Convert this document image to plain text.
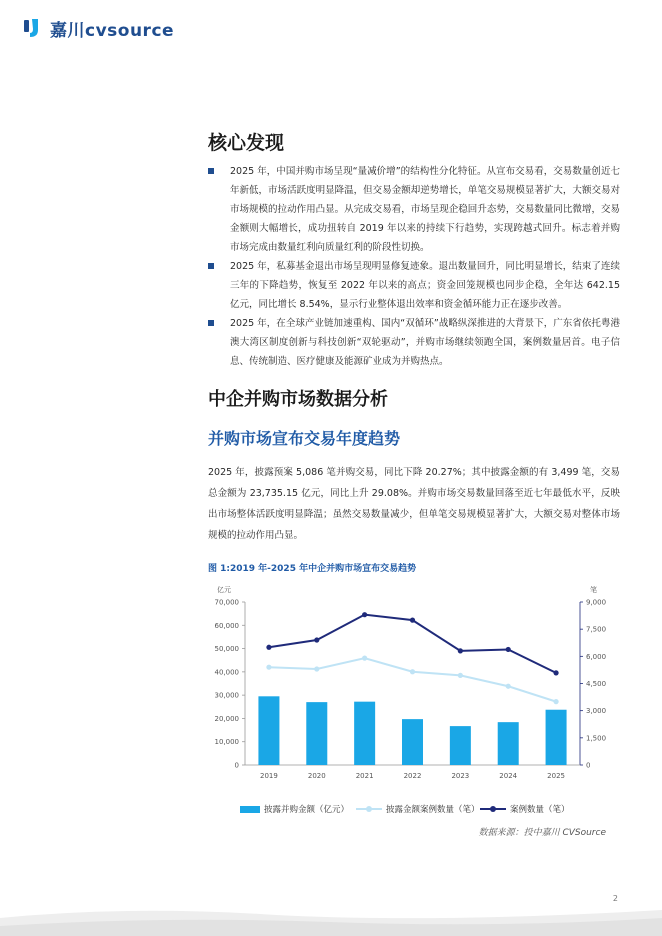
嘉川cvsource
核心发现
2025 年，中国并购市场呈现“量减价增”的结构性分化特征。从宣布交易看，交易数量创近七年新低，市场活跃度明显降温，但交易金额却逆势增长，单笔交易规模显著扩大，大额交易对市场规模的拉动作用凸显。从完成交易看，市场呈现企稳回升态势，交易数量同比微增，交易金额则大幅增长，成功扭转自 2019 年以来的持续下行趋势，实现跨越式回升。标志着并购市场完成由数量红利向质量红利的阶段性切换。
2025 年，私募基金退出市场呈现明显修复迹象。退出数量回升，同比明显增长，结束了连续三年的下降趋势，恢复至 2022 年以来的高点；资金回笼规模也同步企稳，全年达 642.15 亿元，同比增长 8.54%，显示行业整体退出效率和资金循环能力正在逐步改善。
2025 年，在全球产业链加速重构、国内“双循环”战略纵深推进的大背景下，广东省依托粤港澳大湾区制度创新与科技创新“双轮驱动”，并购市场继续领跑全国，案例数量居首。电子信息、传统制造、医疗健康及能源矿业成为并购热点。
中企并购市场数据分析
并购市场宣布交易年度趋势

2025 年，披露预案 5,086 笔并购交易，同比下降 20.27%；其中披露金额的有 3,499 笔，交易总金额为 23,735.15 亿元，同比上升 29.08%。并购市场交易数量回落至近七年最低水平，反映出市场整体活跃度明显降温；虽然交易数量减少，但单笔交易规模显著扩大，大额交易对整体市场规模的拉动作用凸显。

图 1:2019 年-2025 年中企并购市场宣布交易趋势
亿元	笔
0
10,000
20,000
30,000
40,000
50,000
60,000
70,000
0
1,500
3,000
4,500
6,000
7,500
9,000
2019	2020	2021	2022	2023	2024	2025
披露并购金额（亿元）	披露金额案例数量（笔）	案例数量（笔）
数据来源：投中嘉川 CVSource
2
